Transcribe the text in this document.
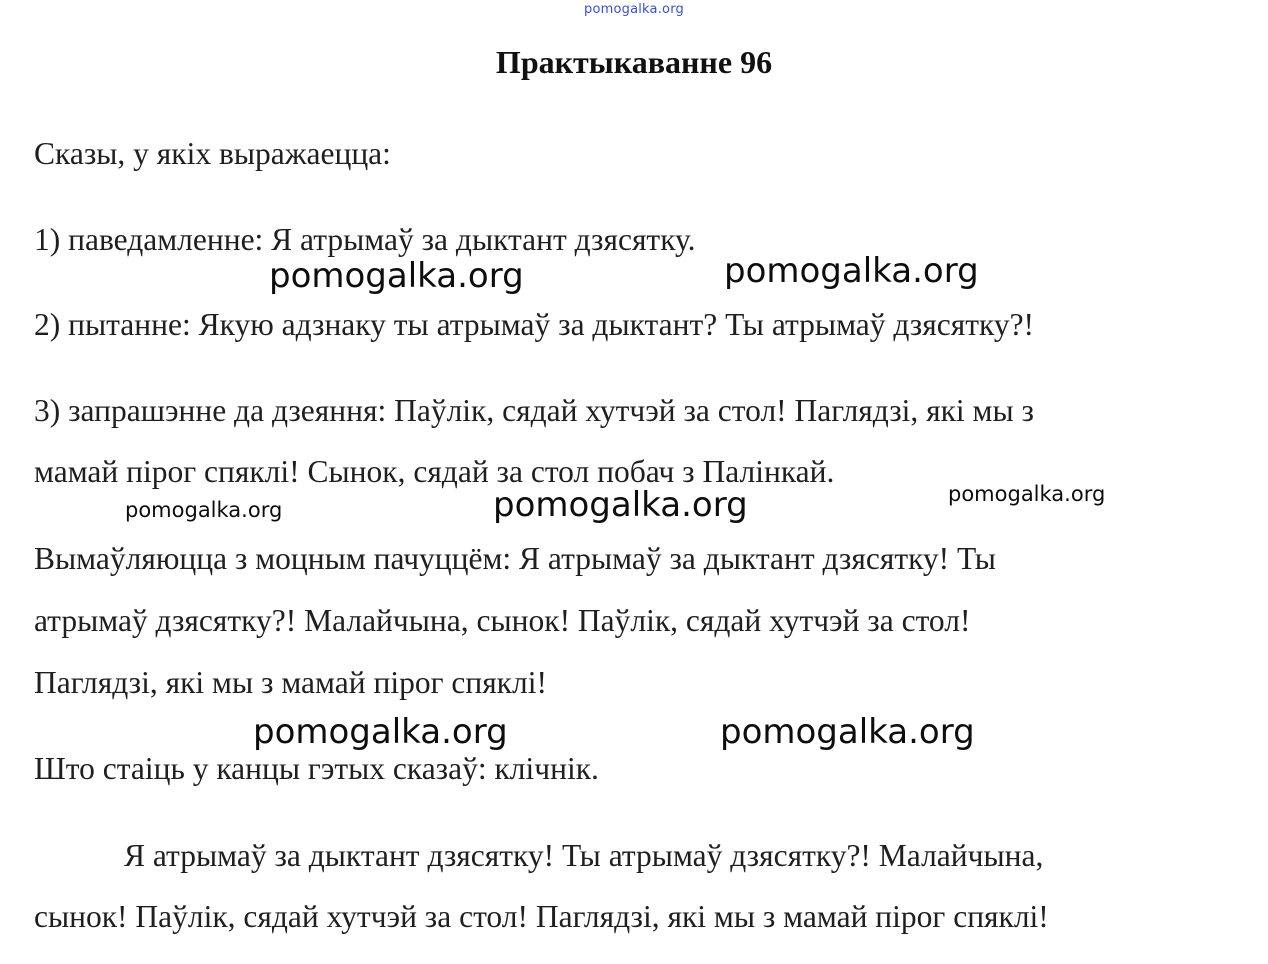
pomogalka.org
Практыкаванне 96
Сказы, у якіх выражаецца:
1) паведамленне: Я атрымаў за дыктант дзясятку.
2) пытанне: Якую адзнаку ты атрымаў за дыктант? Ты атрымаў дзясятку?!
3) запрашэнне да дзеяння: Паўлік, сядай хутчэй за стол! Паглядзі, які мы з
мамай пірог спяклі! Сынок, сядай за стол побач з Палінкай.
Вымаўляюцца з моцным пачуццём: Я атрымаў за дыктант дзясятку! Ты
атрымаў дзясятку?! Малайчына, сынок! Паўлік, сядай хутчэй за стол!
Паглядзі, які мы з мамай пірог спяклі!
Што стаіць у канцы гэтых сказаў: клічнік.
Я атрымаў за дыктант дзясятку! Ты атрымаў дзясятку?! Малайчына,
сынок! Паўлік, сядай хутчэй за стол! Паглядзі, які мы з мамай пірог спяклі!
pomogalka.org	pomogalka.org
pomogalka.org	pomogalka.org	pomogalka.org
pomogalka.org	pomogalka.org
